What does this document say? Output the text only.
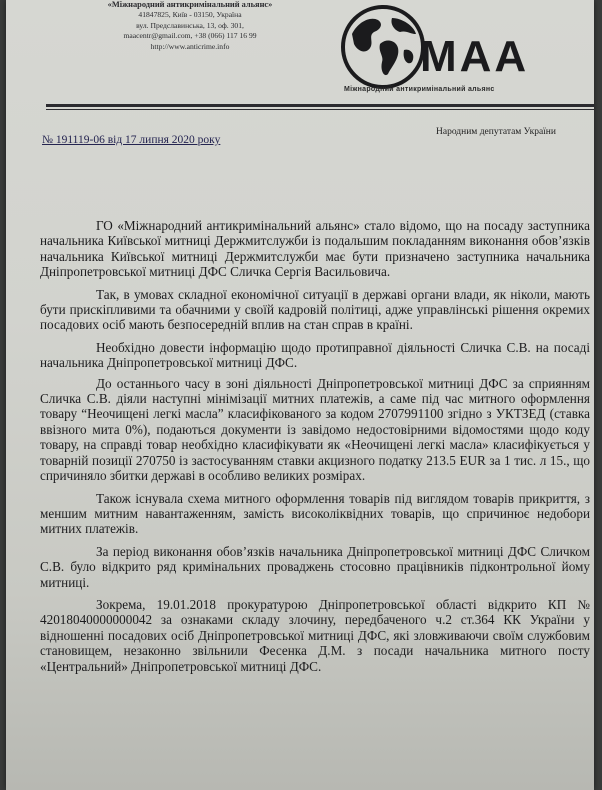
«Міжнародний антикримінальний альянс»
41847825, Київ - 03150, Україна
вул. Предславинська, 13, оф. 301,
maacentr@gmail.com, +38 (066) 117 16 99
http://www.anticrime.info	MAA
Міжнародний антикримінальний альянс
№ 191119-06 від 17 липня 2020 року
Народним депутатам України

ГО «Міжнародний антикримінальний альянс» стало відомо, що на посаду заступника начальника Київської митниці Держмитслужби із подальшим покладанням виконання обов’язків начальника Київської митниці Держмитслужби має бути призначено заступника начальника Дніпропетровської митниці ДФС Сличка Сергія Васильовича.

Так, в умовах складної економічної ситуації в державі органи влади, як ніколи, мають бути прискіпливими та обачними у своїй кадровій політиці, адже управлінські рішення окремих посадових осіб мають безпосередній вплив на стан справ в країні.

Необхідно довести інформацію щодо протиправної діяльності Сличка С.В. на посаді начальника Дніпропетровської митниці ДФС.

До останнього часу в зоні діяльності Дніпропетровської митниці ДФС за сприянням Сличка С.В. діяли наступні мінімізації митних платежів, а саме під час митного оформлення товару “Неочищені легкі масла” класифікованого за кодом 2707991100 згідно з УКТЗЕД (ставка ввізного мита 0%), подаються документи із завідомо недостовірними відомостями щодо коду товару, на справді товар необхідно класифікувати як «Неочищені легкі масла» класифікується у товарній позиції 270750 із застосуванням ставки акцизного податку 213.5 EUR за 1 тис. л 15., що спричиняло збитки державі в особливо великих розмірах.

Також існувала схема митного оформлення товарів під виглядом товарів прикриття, з меншим митним навантаженням, замість високоліквідних товарів, що спричинює недобори митних платежів.

За період виконання обов’язків начальника Дніпропетровської митниці ДФС Сличком С.В. було відкрито ряд кримінальних проваджень стосовно працівників підконтрольної йому митниці.

Зокрема, 19.01.2018 прокуратурою Дніпропетровської області відкрито КП № 42018040000000042 за ознаками складу злочину, передбаченого ч.2 ст.364 КК України у відношенні посадових осіб Дніпропетровської митниці ДФС, які зловживаючи своїм службовим становищем, незаконно звільнили Фесенка Д.М. з посади начальника митного посту «Центральний» Дніпропетровської митниці ДФС.
